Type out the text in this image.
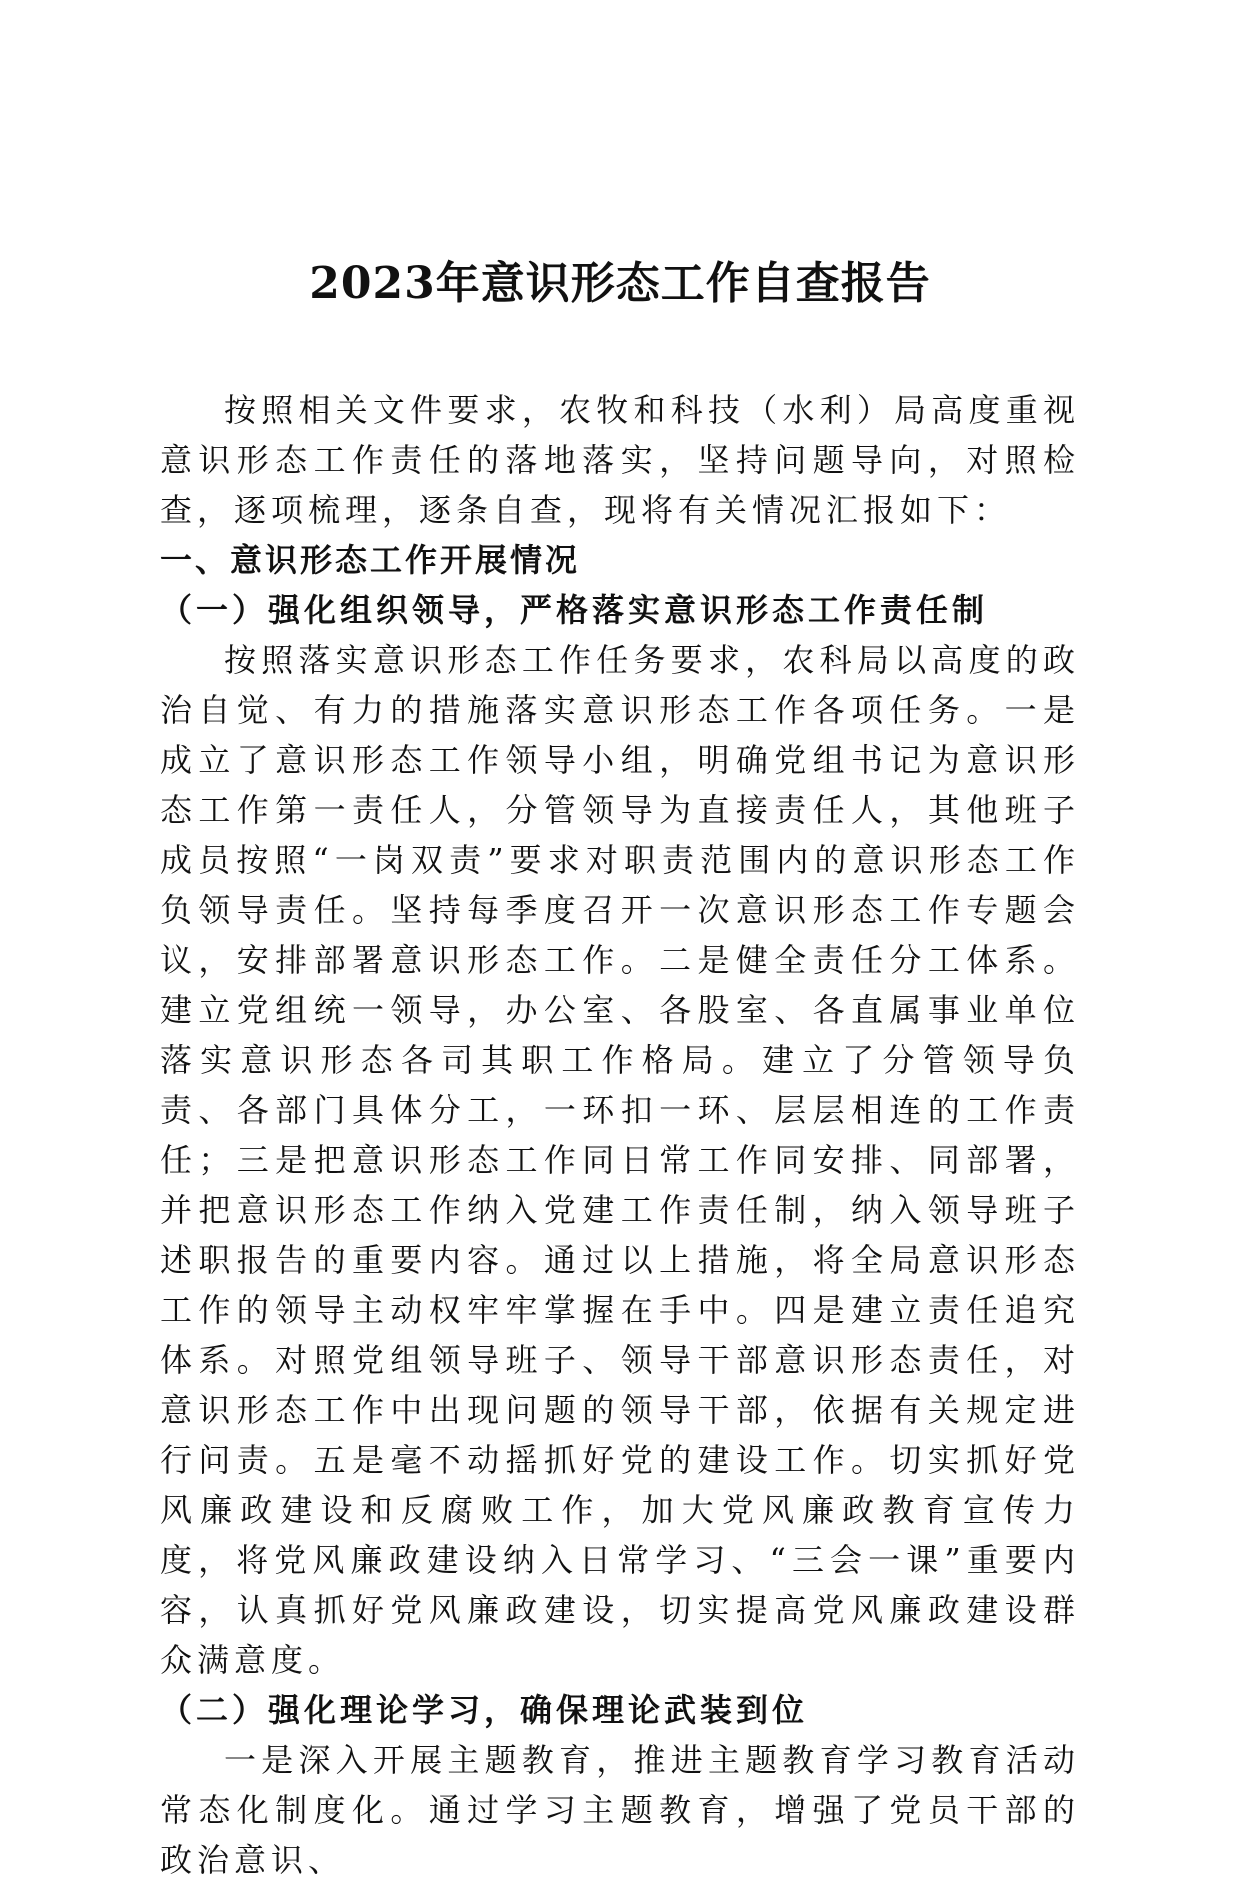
2023年意识形态工作自查报告

按照相关文件要求，农牧和科技（水利）局高度重视意识形态工作责任的落地落实，坚持问题导向，对照检查，逐项梳理，逐条自查，现将有关情况汇报如下：

一、意识形态工作开展情况

（一）强化组织领导，严格落实意识形态工作责任制

按照落实意识形态工作任务要求，农科局以高度的政治自觉、有力的措施落实意识形态工作各项任务。一是成立了意识形态工作领导小组，明确党组书记为意识形态工作第一责任人，分管领导为直接责任人，其他班子成员按照“一岗双责”要求对职责范围内的意识形态工作负领导责任。坚持每季度召开一次意识形态工作专题会议，安排部署意识形态工作。二是健全责任分工体系。建立党组统一领导，办公室、各股室、各直属事业单位落实意识形态各司其职工作格局。建立了分管领导负责、各部门具体分工，一环扣一环、层层相连的工作责任；三是把意识形态工作同日常工作同安排、同部署，并把意识形态工作纳入党建工作责任制，纳入领导班子述职报告的重要内容。通过以上措施，将全局意识形态工作的领导主动权牢牢掌握在手中。四是建立责任追究体系。对照党组领导班子、领导干部意识形态责任，对意识形态工作中出现问题的领导干部，依据有关规定进行问责。五是毫不动摇抓好党的建设工作。切实抓好党风廉政建设和反腐败工作，加大党风廉政教育宣传力度，将党风廉政建设纳入日常学习、“三会一课”重要内容，认真抓好党风廉政建设，切实提高党风廉政建设群众满意度。

（二）强化理论学习，确保理论武装到位

一是深入开展主题教育，推进主题教育学习教育活动常态化制度化。通过学习主题教育，增强了党员干部的政治意识、
